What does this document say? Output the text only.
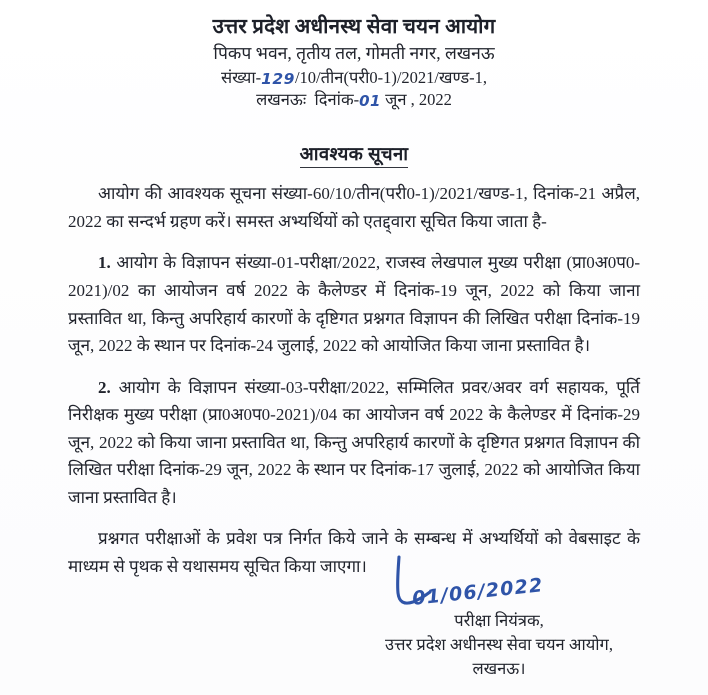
उत्तर प्रदेश अधीनस्थ सेवा चयन आयोग
पिकप भवन, तृतीय तल, गोमती नगर, लखनऊ
संख्या-129/10/तीन(परी0-1)/2021/खण्ड-1,
लखनऊः दिनांक-01 जून , 2022
आवश्यक सूचना

आयोग की आवश्यक सूचना संख्या-60/10/तीन(परी0-1)/2021/खण्ड-1, दिनांक-21 अप्रैल, 2022 का सन्दर्भ ग्रहण करें। समस्त अभ्यर्थियों को एतद्द्वारा सूचित किया जाता है-

1. आयोग के विज्ञापन संख्या-01-परीक्षा/2022, राजस्व लेखपाल मुख्य परीक्षा (प्रा0अ0प0-2021)/02 का आयोजन वर्ष 2022 के कैलेण्डर में दिनांक-19 जून, 2022 को किया जाना प्रस्तावित था, किन्तु अपरिहार्य कारणों के दृष्टिगत प्रश्नगत विज्ञापन की लिखित परीक्षा दिनांक-19 जून, 2022 के स्थान पर दिनांक-24 जुलाई, 2022 को आयोजित किया जाना प्रस्तावित है।

2. आयोग के विज्ञापन संख्या-03-परीक्षा/2022, सम्मिलित प्रवर/अवर वर्ग सहायक, पूर्ति निरीक्षक मुख्य परीक्षा (प्रा0अ0प0-2021)/04 का आयोजन वर्ष 2022 के कैलेण्डर में दिनांक-29 जून, 2022 को किया जाना प्रस्तावित था, किन्तु अपरिहार्य कारणों के दृष्टिगत प्रश्नगत विज्ञापन की लिखित परीक्षा दिनांक-29 जून, 2022 के स्थान पर दिनांक-17 जुलाई, 2022 को आयोजित किया जाना प्रस्तावित है।

प्रश्नगत परीक्षाओं के प्रवेश पत्र निर्गत किये जाने के सम्बन्ध में अभ्यर्थियों को वेबसाइट के माध्यम से पृथक से यथासमय सूचित किया जाएगा।

01/06/2022
परीक्षा नियंत्रक,
उत्तर प्रदेश अधीनस्थ सेवा चयन आयोग,
लखनऊ।
